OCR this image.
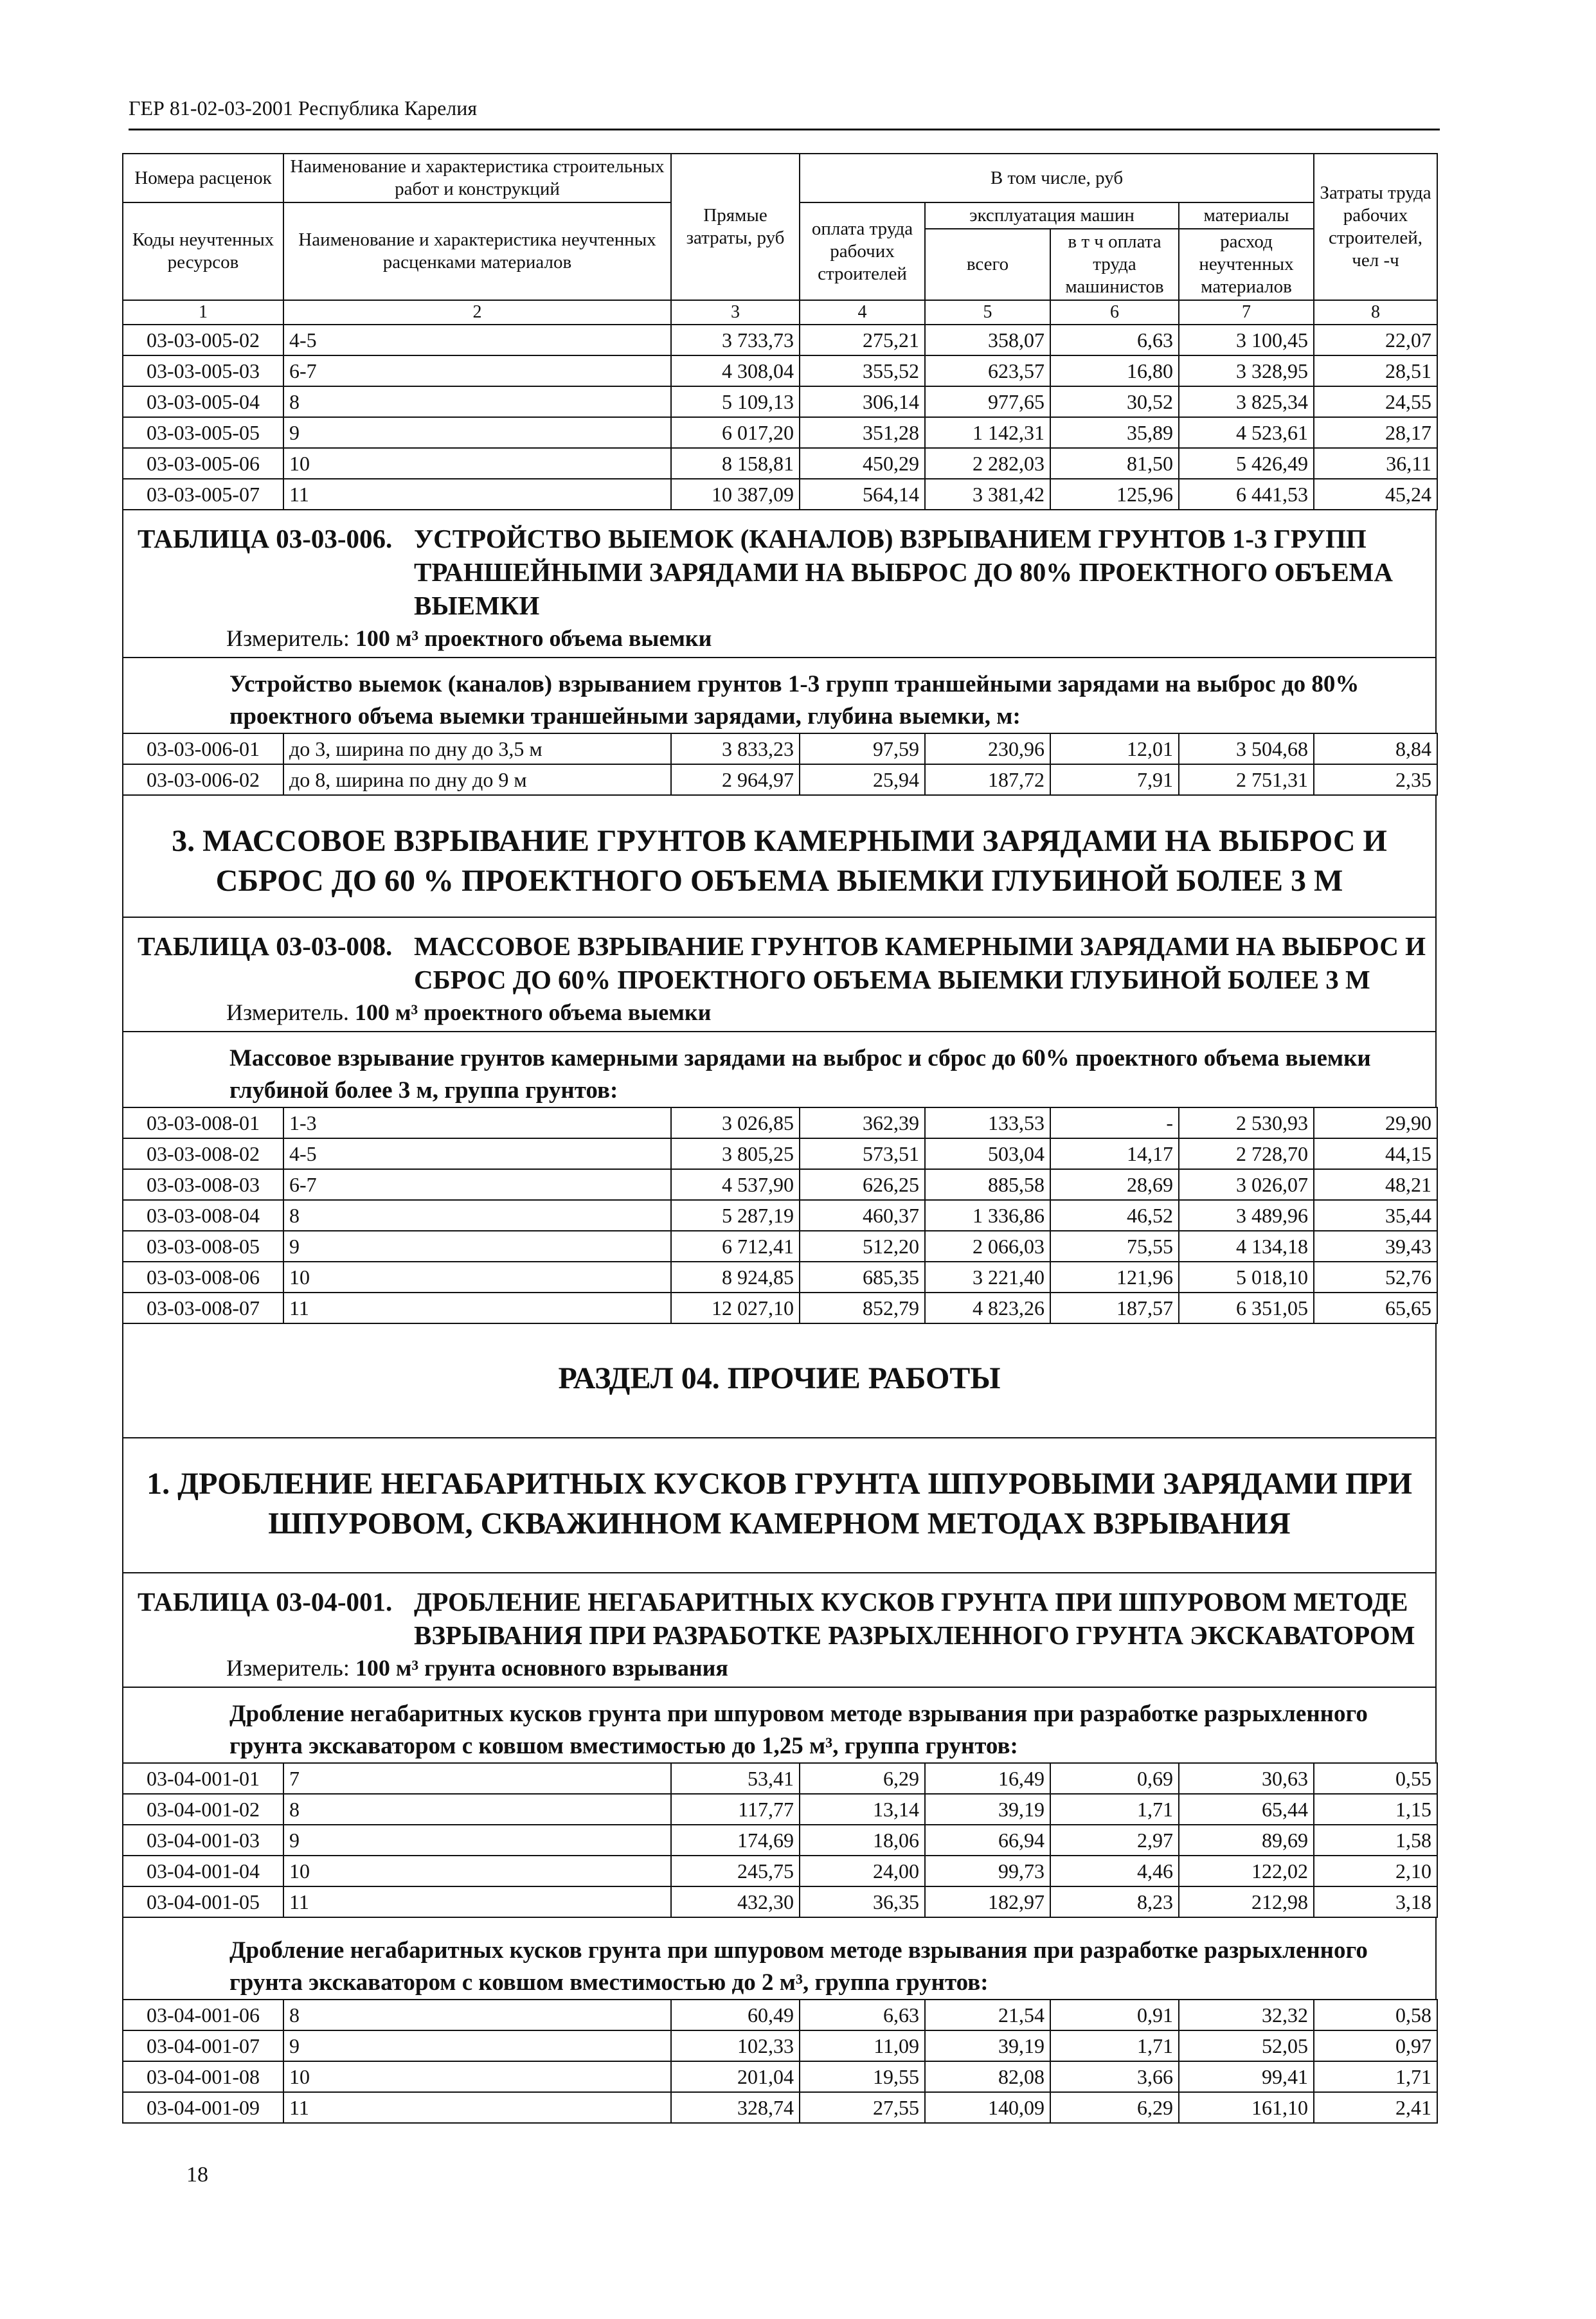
ГЕР 81-02-03-2001 Республика Карелия
Номера расценок	Наименование и характеристика строительных работ и конструкций	Прямые затраты, руб	В том числе, руб				Затраты труда рабочих строителей, чел -ч
Коды неучтенных ресурсов	Наименование и характеристика неучтенных расценками материалов		оплата труда рабочих строителей	эксплуатация машин		материалы	
				всего	в т ч оплата труда машинистов	расход неучтенных материалов	
1	2	3	4	5	6	7	8
03-03-005-02	4-5	3 733,73	275,21	358,07	6,63	3 100,45	22,07
03-03-005-03	6-7	4 308,04	355,52	623,57	16,80	3 328,95	28,51
03-03-005-04	8	5 109,13	306,14	977,65	30,52	3 825,34	24,55
03-03-005-05	9	6 017,20	351,28	1 142,31	35,89	4 523,61	28,17
03-03-005-06	10	8 158,81	450,29	2 282,03	81,50	5 426,49	36,11
03-03-005-07	11	10 387,09	564,14	3 381,42	125,96	6 441,53	45,24
ТАБЛИЦА 03-03-006. УСТРОЙСТВО ВЫЕМОК (КАНАЛОВ) ВЗРЫВАНИЕМ ГРУНТОВ 1-3 ГРУПП ТРАНШЕЙНЫМИ ЗАРЯДАМИ НА ВЫБРОС ДО 80% ПРОЕКТНОГО ОБЪЕМА ВЫЕМКИ
Измеритель: 100 м³ проектного объема выемки
Устройство выемок (каналов) взрыванием грунтов 1-3 групп траншейными зарядами на выброс до 80% проектного объема выемки траншейными зарядами, глубина выемки, м:
03-03-006-01	до 3, ширина по дну до 3,5 м	3 833,23	97,59	230,96	12,01	3 504,68	8,84
03-03-006-02	до 8, ширина по дну до 9 м	2 964,97	25,94	187,72	7,91	2 751,31	2,35
3. МАССОВОЕ ВЗРЫВАНИЕ ГРУНТОВ КАМЕРНЫМИ ЗАРЯДАМИ НА ВЫБРОС И СБРОС ДО 60 % ПРОЕКТНОГО ОБЪЕМА ВЫЕМКИ ГЛУБИНОЙ БОЛЕЕ 3 М
ТАБЛИЦА 03-03-008. МАССОВОЕ ВЗРЫВАНИЕ ГРУНТОВ КАМЕРНЫМИ ЗАРЯДАМИ НА ВЫБРОС И СБРОС ДО 60% ПРОЕКТНОГО ОБЪЕМА ВЫЕМКИ ГЛУБИНОЙ БОЛЕЕ 3 М
Измеритель. 100 м³ проектного объема выемки
Массовое взрывание грунтов камерными зарядами на выброс и сброс до 60% проектного объема выемки глубиной более 3 м, группа грунтов:
03-03-008-01	1-3	3 026,85	362,39	133,53	-	2 530,93	29,90
03-03-008-02	4-5	3 805,25	573,51	503,04	14,17	2 728,70	44,15
03-03-008-03	6-7	4 537,90	626,25	885,58	28,69	3 026,07	48,21
03-03-008-04	8	5 287,19	460,37	1 336,86	46,52	3 489,96	35,44
03-03-008-05	9	6 712,41	512,20	2 066,03	75,55	4 134,18	39,43
03-03-008-06	10	8 924,85	685,35	3 221,40	121,96	5 018,10	52,76
03-03-008-07	11	12 027,10	852,79	4 823,26	187,57	6 351,05	65,65
РАЗДЕЛ 04. ПРОЧИЕ РАБОТЫ
1. ДРОБЛЕНИЕ НЕГАБАРИТНЫХ КУСКОВ ГРУНТА ШПУРОВЫМИ ЗАРЯДАМИ ПРИ ШПУРОВОМ, СКВАЖИННОМ КАМЕРНОМ МЕТОДАХ ВЗРЫВАНИЯ
ТАБЛИЦА 03-04-001. ДРОБЛЕНИЕ НЕГАБАРИТНЫХ КУСКОВ ГРУНТА ПРИ ШПУРОВОМ МЕТОДЕ ВЗРЫВАНИЯ ПРИ РАЗРАБОТКЕ РАЗРЫХЛЕННОГО ГРУНТА ЭКСКАВАТОРОМ
Измеритель: 100 м³ грунта основного взрывания
Дробление негабаритных кусков грунта при шпуровом методе взрывания при разработке разрыхленного грунта экскаватором с ковшом вместимостью до 1,25 м³, группа грунтов:
03-04-001-01	7	53,41	6,29	16,49	0,69	30,63	0,55
03-04-001-02	8	117,77	13,14	39,19	1,71	65,44	1,15
03-04-001-03	9	174,69	18,06	66,94	2,97	89,69	1,58
03-04-001-04	10	245,75	24,00	99,73	4,46	122,02	2,10
03-04-001-05	11	432,30	36,35	182,97	8,23	212,98	3,18
Дробление негабаритных кусков грунта при шпуровом методе взрывания при разработке разрыхленного грунта экскаватором с ковшом вместимостью до 2 м³, группа грунтов:
03-04-001-06	8	60,49	6,63	21,54	0,91	32,32	0,58
03-04-001-07	9	102,33	11,09	39,19	1,71	52,05	0,97
03-04-001-08	10	201,04	19,55	82,08	3,66	99,41	1,71
03-04-001-09	11	328,74	27,55	140,09	6,29	161,10	2,41
18
